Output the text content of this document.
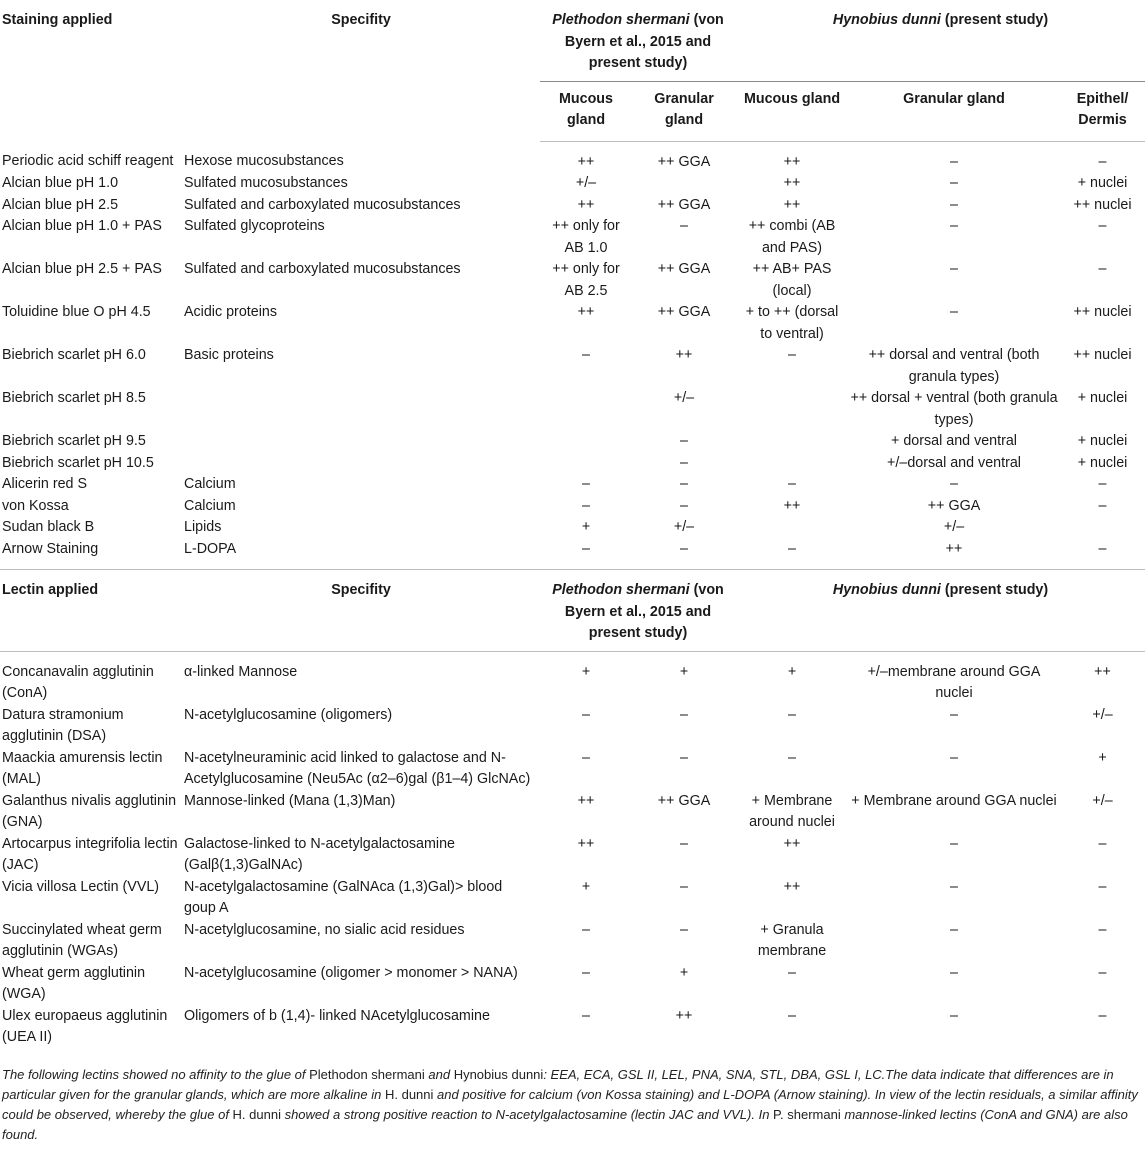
Staining applied	Specifity	Plethodon shermani (von Byern et al., 2015 and present study)		Hynobius dunni (present study)		
		Mucous gland	Granular gland	Mucous gland	Granular gland	Epithel/ Dermis
Periodic acid schiff reagent	Hexose mucosubstances	++	++ GGA	++	–	–
Alcian blue pH 1.0	Sulfated mucosubstances	+/–		++	–	+ nuclei
Alcian blue pH 2.5	Sulfated and carboxylated mucosubstances	++	++ GGA	++	–	++ nuclei
Alcian blue pH 1.0 + PAS	Sulfated glycoproteins	++ only for AB 1.0	–	++ combi (AB and PAS)	–	–
Alcian blue pH 2.5 + PAS	Sulfated and carboxylated mucosubstances	++ only for AB 2.5	++ GGA	++ AB+ PAS (local)	–	–
Toluidine blue O pH 4.5	Acidic proteins	++	++ GGA	+ to ++ (dorsal to ventral)	–	++ nuclei
Biebrich scarlet pH 6.0	Basic proteins	–	++	–	++ dorsal and ventral (both granula types)	++ nuclei
Biebrich scarlet pH 8.5			+/–		++ dorsal + ventral (both granula types)	+ nuclei
Biebrich scarlet pH 9.5			–		+ dorsal and ventral	+ nuclei
Biebrich scarlet pH 10.5			–		+/–dorsal and ventral	+ nuclei
Alicerin red S	Calcium	–	–	–	–	–
von Kossa	Calcium	–	–	++	++ GGA	–
Sudan black B	Lipids	+	+/–		+/–	
Arnow Staining	L-DOPA	–	–	–	++	–
Lectin applied	Specifity	Plethodon shermani (von Byern et al., 2015 and present study)		Hynobius dunni (present study)		
Concanavalin agglutinin (ConA)	α-linked Mannose	+	+	+	+/–membrane around GGA nuclei	++
Datura stramonium agglutinin (DSA)	N-acetylglucosamine (oligomers)	–	–	–	–	+/–
Maackia amurensis lectin (MAL)	N-acetylneuraminic acid linked to galactose and N-Acetylglucosamine (Neu5Ac (α2–6)gal (β1–4) GlcNAc)	–	–	–	–	+
Galanthus nivalis agglutinin (GNA)	Mannose-linked (Mana (1,3)Man)	++	++ GGA	+ Membrane around nuclei	+ Membrane around GGA nuclei	+/–
Artocarpus integrifolia lectin (JAC)	Galactose-linked to N-acetylgalactosamine (Galβ(1,3)GalNAc)	++	–	++	–	–
Vicia villosa Lectin (VVL)	N-acetylgalactosamine (GalNAca (1,3)Gal)> blood goup A	+	–	++	–	–
Succinylated wheat germ agglutinin (WGAs)	N-acetylglucosamine, no sialic acid residues	–	–	+ Granula membrane	–	–
Wheat germ agglutinin (WGA)	N-acetylglucosamine (oligomer > monomer > NANA)	–	+	–	–	–
Ulex europaeus agglutinin (UEA II)	Oligomers of b (1,4)- linked NAcetylglucosamine	–	++	–	–	–
The following lectins showed no affinity to the glue of Plethodon shermani and Hynobius dunni: EEA, ECA, GSL II, LEL, PNA, SNA, STL, DBA, GSL I, LC.The data indicate that differences are in particular given for the granular glands, which are more alkaline in H. dunni and positive for calcium (von Kossa staining) and L-DOPA (Arnow staining). In view of the lectin residuals, a similar affinity could be observed, whereby the glue of H. dunni showed a strong positive reaction to N-acetylgalactosamine (lectin JAC and VVL). In P. shermani mannose-linked lectins (ConA and GNA) are also found.
